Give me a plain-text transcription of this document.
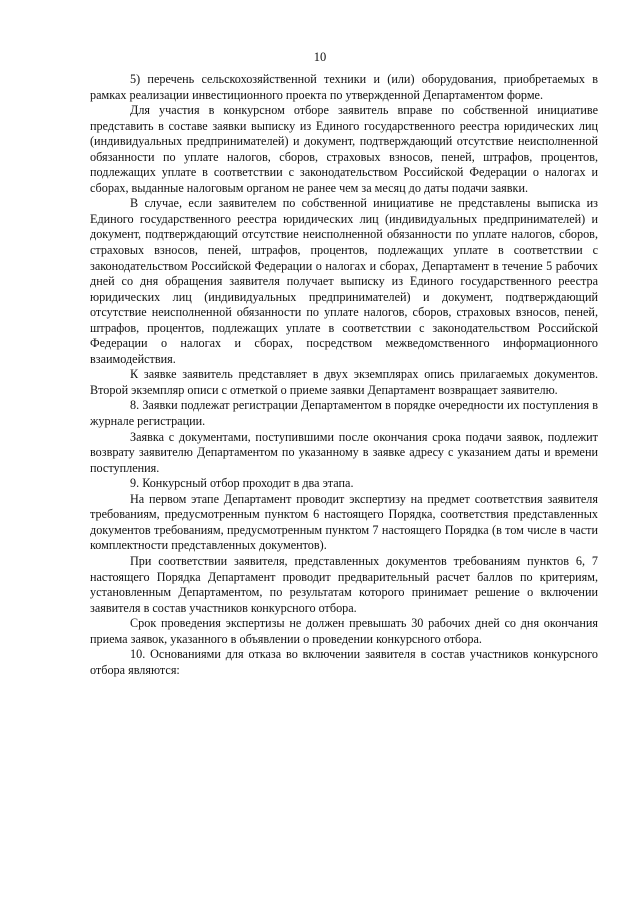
10

5) перечень сельскохозяйственной техники и (или) оборудования, приобретаемых в рамках реализации инвестиционного проекта по утвержденной Департаментом форме.

Для участия в конкурсном отборе заявитель вправе по собственной инициативе представить в составе заявки выписку из Единого государственного реестра юридических лиц (индивидуальных предпринимателей) и документ, подтверждающий отсутствие неисполненной обязанности по уплате налогов, сборов, страховых взносов, пеней, штрафов, процентов, подлежащих уплате в соответствии с законодательством Российской Федерации о налогах и сборах, выданные налоговым органом не ранее чем за месяц до даты подачи заявки.

В случае, если заявителем по собственной инициативе не представлены выписка из Единого государственного реестра юридических лиц (индивидуальных предпринимателей) и документ, подтверждающий отсутствие неисполненной обязанности по уплате налогов, сборов, страховых взносов, пеней, штрафов, процентов, подлежащих уплате в соответствии с законодательством Российской Федерации о налогах и сборах, Департамент в течение 5 рабочих дней со дня обращения заявителя получает выписку из Единого государственного реестра юридических лиц (индивидуальных предпринимателей) и документ, подтверждающий отсутствие неисполненной обязанности по уплате налогов, сборов, страховых взносов, пеней, штрафов, процентов, подлежащих уплате в соответствии с законодательством Российской Федерации о налогах и сборах, посредством межведомственного информационного взаимодействия.

К заявке заявитель представляет в двух экземплярах опись прилагаемых документов. Второй экземпляр описи с отметкой о приеме заявки Департамент возвращает заявителю.

8. Заявки подлежат регистрации Департаментом в порядке очередности их поступления в журнале регистрации.

Заявка с документами, поступившими после окончания срока подачи заявок, подлежит возврату заявителю Департаментом по указанному в заявке адресу с указанием даты и времени поступления.

9. Конкурсный отбор проходит в два этапа.

На первом этапе Департамент проводит экспертизу на предмет соответствия заявителя требованиям, предусмотренным пунктом 6 настоящего Порядка, соответствия представленных документов требованиям, предусмотренным пунктом 7 настоящего Порядка (в том числе в части комплектности представленных документов).

При соответствии заявителя, представленных документов требованиям пунктов 6, 7 настоящего Порядка Департамент проводит предварительный расчет баллов по критериям, установленным Департаментом, по результатам которого принимает решение о включении заявителя в состав участников конкурсного отбора.

Срок проведения экспертизы не должен превышать 30 рабочих дней со дня окончания приема заявок, указанного в объявлении о проведении конкурсного отбора.

10. Основаниями для отказа во включении заявителя в состав участников конкурсного отбора являются:
